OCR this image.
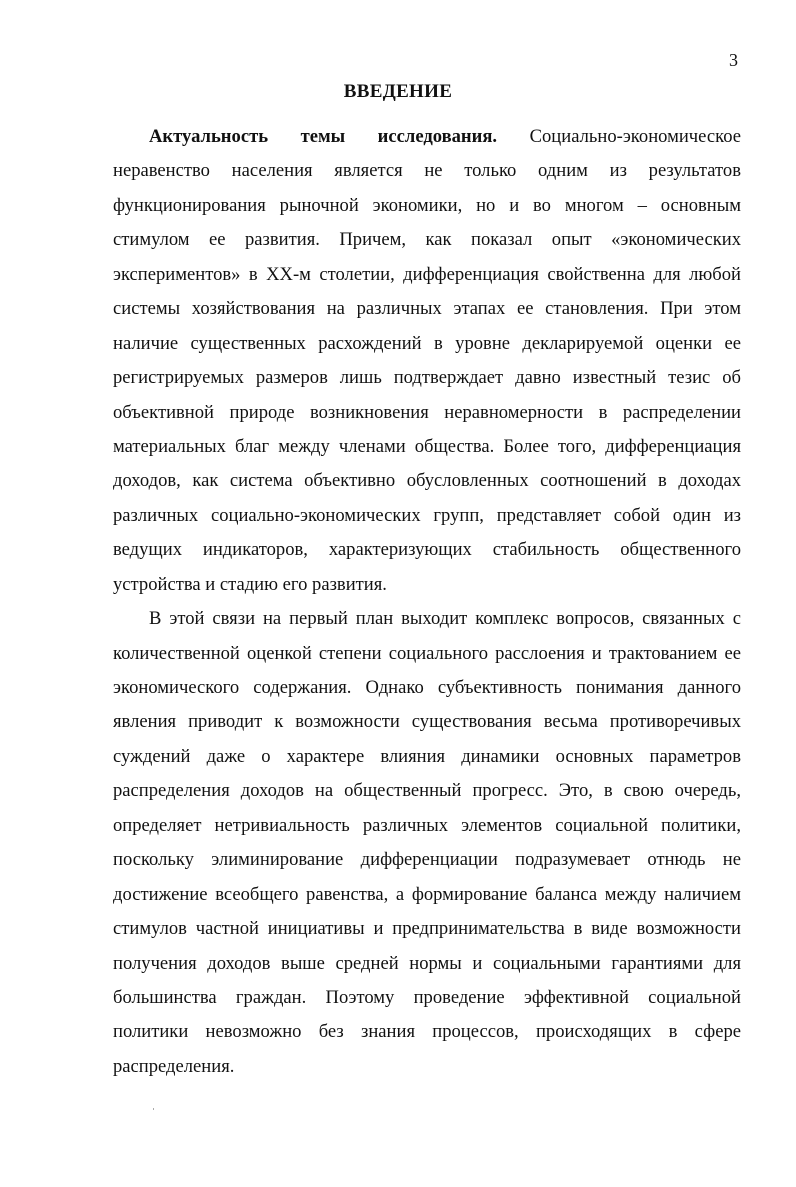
3
ВВЕДЕНИЕ
Актуальность темы исследования. Социально-экономическое
неравенство населения является не только одним из результатов
функционирования рыночной экономики, но и во многом – основным
стимулом ее развития. Причем, как показал опыт «экономических
экспериментов» в ХХ-м столетии, дифференциация свойственна для любой
системы хозяйствования на различных этапах ее становления. При этом
наличие существенных расхождений в уровне декларируемой оценки ее
регистрируемых размеров лишь подтверждает давно известный тезис об
объективной природе возникновения неравномерности в распределении
материальных благ между членами общества. Более того, дифференциация
доходов, как система объективно обусловленных соотношений в доходах
различных социально-экономических групп, представляет собой один из
ведущих индикаторов, характеризующих стабильность общественного
устройства и стадию его развития.
В этой связи на первый план выходит комплекс вопросов, связанных с
количественной оценкой степени социального расслоения и трактованием ее
экономического содержания. Однако субъективность понимания данного
явления приводит к возможности существования весьма противоречивых
суждений даже о характере влияния динамики основных параметров
распределения доходов на общественный прогресс. Это, в свою очередь,
определяет нетривиальность различных элементов социальной политики,
поскольку элиминирование дифференциации подразумевает отнюдь не
достижение всеобщего равенства, а формирование баланса между наличием
стимулов частной инициативы и предпринимательства в виде возможности
получения доходов выше средней нормы и социальными гарантиями для
большинства граждан. Поэтому проведение эффективной социальной
политики невозможно без знания процессов, происходящих в сфере
распределения.
